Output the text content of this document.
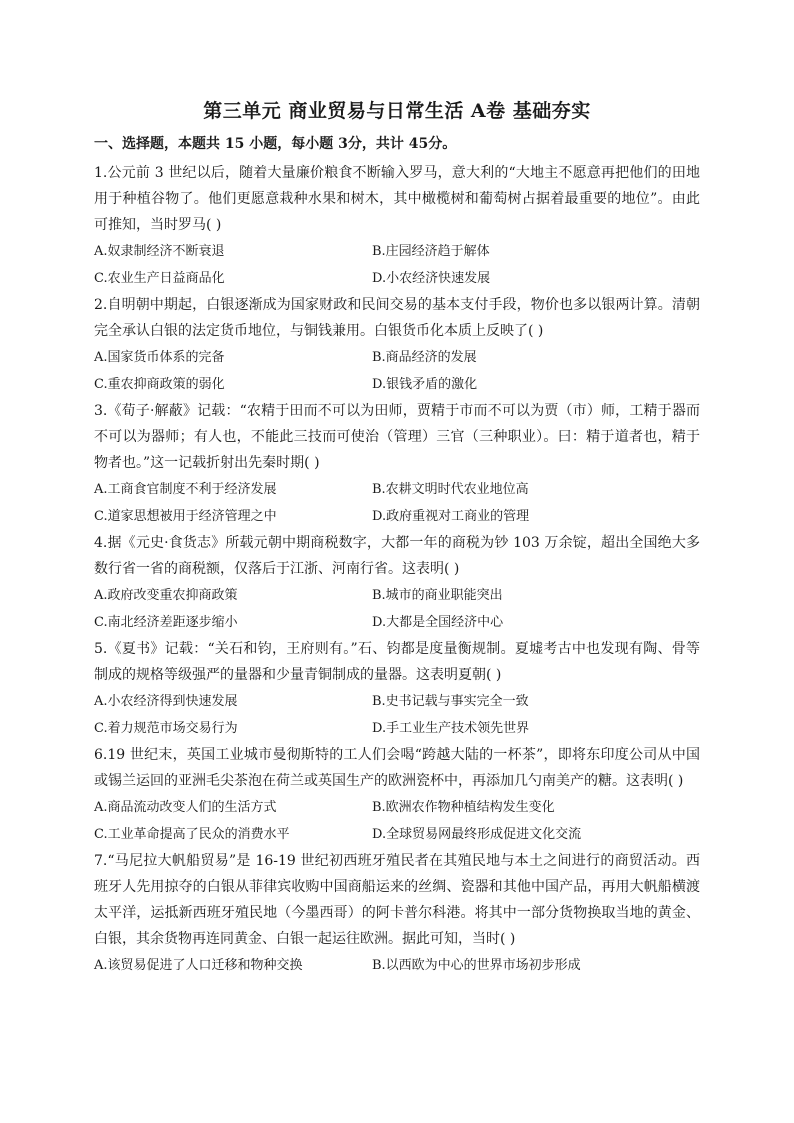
第三单元 商业贸易与日常生活 A卷 基础夯实
一、选择题，本题共 15 小题，每小题 3分，共计 45分。

1.公元前 3 世纪以后，随着大量廉价粮食不断输入罗马，意大利的“大地主不愿意再把他们的田地用于种植谷物了。他们更愿意栽种水果和树木，其中橄榄树和葡萄树占据着最重要的地位”。由此可推知，当时罗马( )

A.奴隶制经济不断衰退	B.庄园经济趋于解体
C.农业生产日益商品化	D.小农经济快速发展

2.自明朝中期起，白银逐渐成为国家财政和民间交易的基本支付手段，物价也多以银两计算。清朝完全承认白银的法定货币地位，与铜钱兼用。白银货币化本质上反映了( )

A.国家货币体系的完备	B.商品经济的发展
C.重农抑商政策的弱化	D.银钱矛盾的激化

3.《荀子·解蔽》记载：“农精于田而不可以为田师，贾精于市而不可以为贾（市）师，工精于器而不可以为器师；有人也，不能此三技而可使治（管理）三官（三种职业）。曰：精于道者也，精于物者也。”这一记载折射出先秦时期( )

A.工商食官制度不利于经济发展	B.农耕文明时代农业地位高
C.道家思想被用于经济管理之中	D.政府重视对工商业的管理

4.据《元史·食货志》所载元朝中期商税数字，大都一年的商税为钞 103 万余锭，超出全国绝大多数行省一省的商税额，仅落后于江浙、河南行省。这表明( )

A.政府改变重农抑商政策	B.城市的商业职能突出
C.南北经济差距逐步缩小	D.大都是全国经济中心

5.《夏书》记载：“关石和钧，王府则有。”石、钧都是度量衡规制。夏墟考古中也发现有陶、骨等制成的规格等级强严的量器和少量青铜制成的量器。这表明夏朝( )

A.小农经济得到快速发展	B.史书记载与事实完全一致
C.着力规范市场交易行为	D.手工业生产技术领先世界

6.19 世纪末，英国工业城市曼彻斯特的工人们会喝“跨越大陆的一杯茶”，即将东印度公司从中国或锡兰运回的亚洲毛尖茶泡在荷兰或英国生产的欧洲瓷杯中，再添加几勺南美产的糖。这表明( )

A.商品流动改变人们的生活方式	B.欧洲农作物种植结构发生变化
C.工业革命提高了民众的消费水平	D.全球贸易网最终形成促进文化交流

7.“马尼拉大帆船贸易”是 16-19 世纪初西班牙殖民者在其殖民地与本土之间进行的商贸活动。西班牙人先用掠夺的白银从菲律宾收购中国商船运来的丝绸、瓷器和其他中国产品，再用大帆船横渡太平洋，运抵新西班牙殖民地（今墨西哥）的阿卡普尔科港。将其中一部分货物换取当地的黄金、白银，其余货物再连同黄金、白银一起运往欧洲。据此可知，当时( )

A.该贸易促进了人口迁移和物种交换	B.以西欧为中心的世界市场初步形成
